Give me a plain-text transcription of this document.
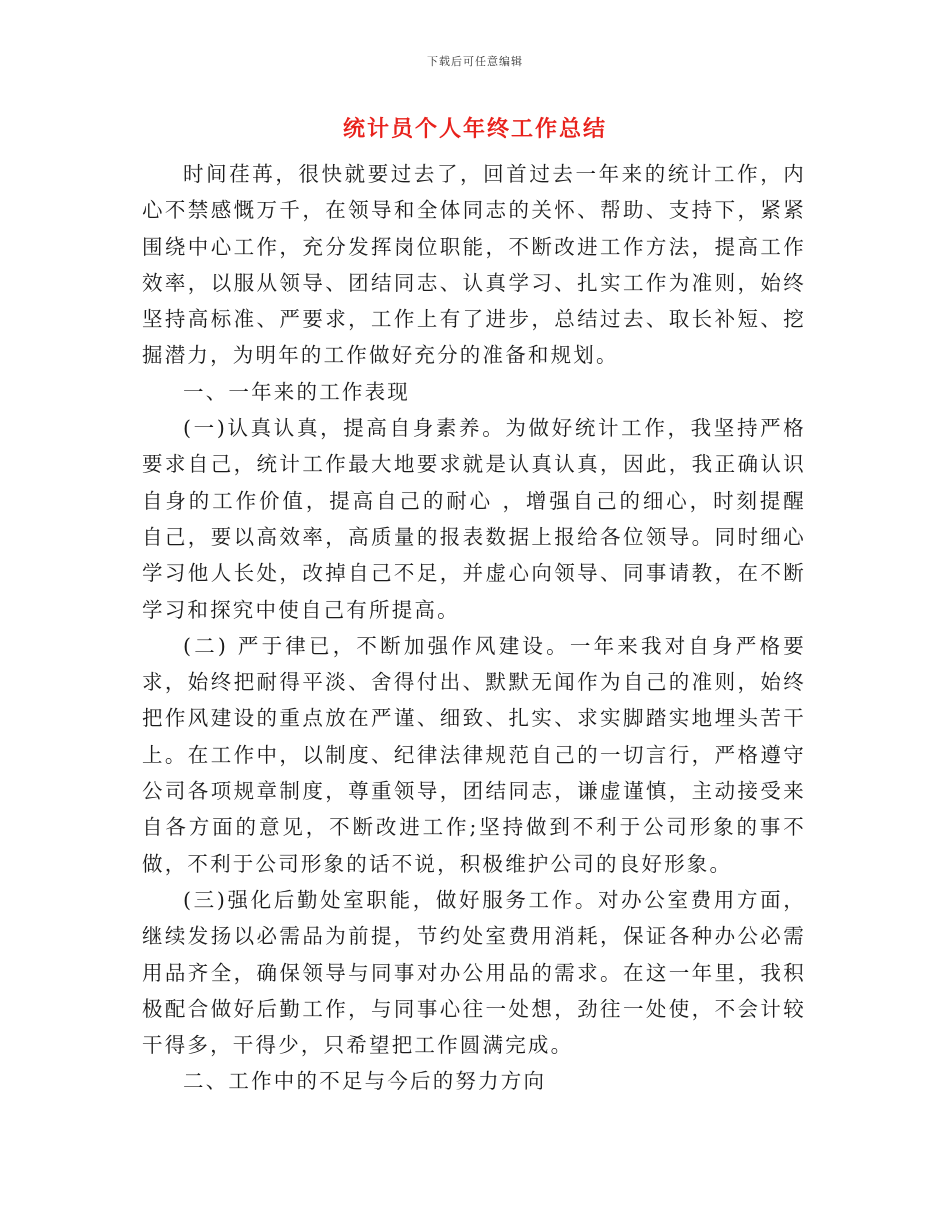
下载后可任意编辑
统计员个人年终工作总结

时间荏苒，很快就要过去了，回首过去一年来的统计工作，内心不禁感慨万千，在领导和全体同志的关怀、帮助、支持下，紧紧围绕中心工作，充分发挥岗位职能，不断改进工作方法，提高工作效率，以服从领导、团结同志、认真学习、扎实工作为准则，始终坚持高标准、严要求，工作上有了进步，总结过去、取长补短、挖掘潜力，为明年的工作做好充分的准备和规划。

一、一年来的工作表现

(一)认真认真，提高自身素养。为做好统计工作，我坚持严格要求自己，统计工作最大地要求就是认真认真，因此，我正确认识自身的工作价值，提高自己的耐心 ，增强自己的细心，时刻提醒自己，要以高效率，高质量的报表数据上报给各位领导。同时细心学习他人长处，改掉自己不足，并虚心向领导、同事请教，在不断学习和探究中使自己有所提高。

(二) 严于律已，不断加强作风建设。一年来我对自身严格要求，始终把耐得平淡、舍得付出、默默无闻作为自己的准则，始终把作风建设的重点放在严谨、细致、扎实、求实脚踏实地埋头苦干上。在工作中，以制度、纪律法律规范自己的一切言行，严格遵守公司各项规章制度，尊重领导，团结同志，谦虚谨慎，主动接受来自各方面的意见，不断改进工作;坚持做到不利于公司形象的事不做，不利于公司形象的话不说，积极维护公司的良好形象。

(三)强化后勤处室职能，做好服务工作。对办公室费用方面，继续发扬以必需品为前提，节约处室费用消耗，保证各种办公必需用品齐全，确保领导与同事对办公用品的需求。在这一年里，我积极配合做好后勤工作，与同事心往一处想，劲往一处使，不会计较干得多，干得少，只希望把工作圆满完成。

二、工作中的不足与今后的努力方向
